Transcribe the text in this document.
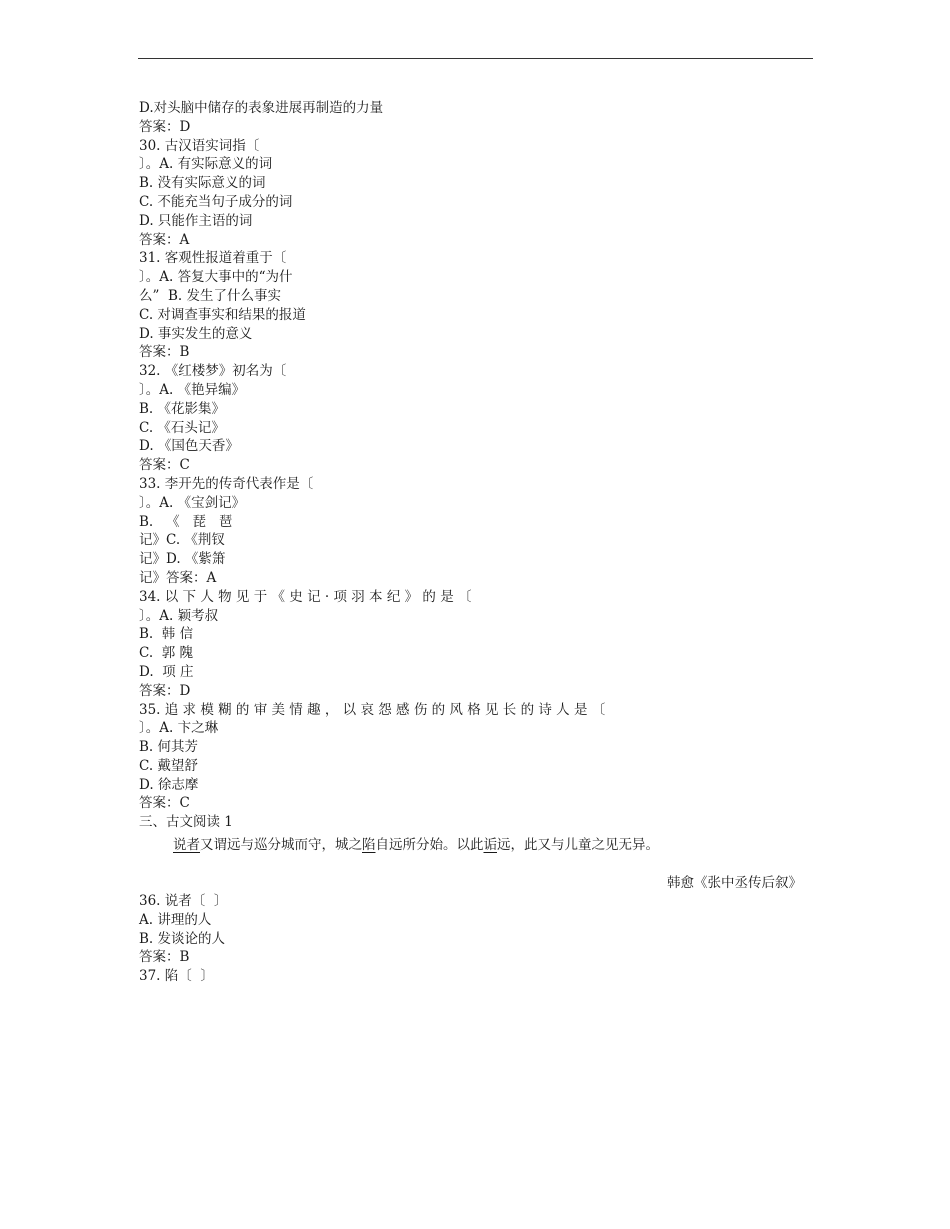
D.对头脑中储存的表象进展再制造的力量
答案：D
30. 古汉语实词指〔
〕。A. 有实际意义的词
B. 没有实际意义的词
C. 不能充当句子成分的词
D. 只能作主语的词
答案：A
31. 客观性报道着重于〔
〕。A. 答复大事中的“为什
么”  B. 发生了什么事实
C. 对调查事实和结果的报道
D. 事实发生的意义
答案：B
32. 《红楼梦》初名为〔
〕。A. 《艳异编》
B. 《花影集》
C. 《石头记》
D. 《国色天香》
答案：C
33. 李开先的传奇代表作是〔
〕。A. 《宝剑记》
B.   《   琵   琶
记》C. 《荆钗
记》D. 《紫箫
记》答案：A
34. 以 下 人 物 见 于 《 史 记 · 项 羽 本 纪 》 的 是 〔
〕。A. 颖考叔
B.  韩 信
C.  郭 隗
D.  项 庄
答案：D
35. 追 求 模 糊 的 审 美 情 趣 ， 以 哀 怨 感 伤 的 风 格 见 长 的 诗 人 是 〔
〕。A. 卞之琳
B. 何其芳
C. 戴望舒
D. 徐志摩
答案：C
三、古文阅读 1
说者又谓远与巡分城而守，城之陷自远所分始。以此诟远，此又与儿童之见无异。
韩愈《张中丞传后叙》
36. 说者〔  〕
A. 讲理的人
B. 发谈论的人
答案：B
37. 陷〔  〕
